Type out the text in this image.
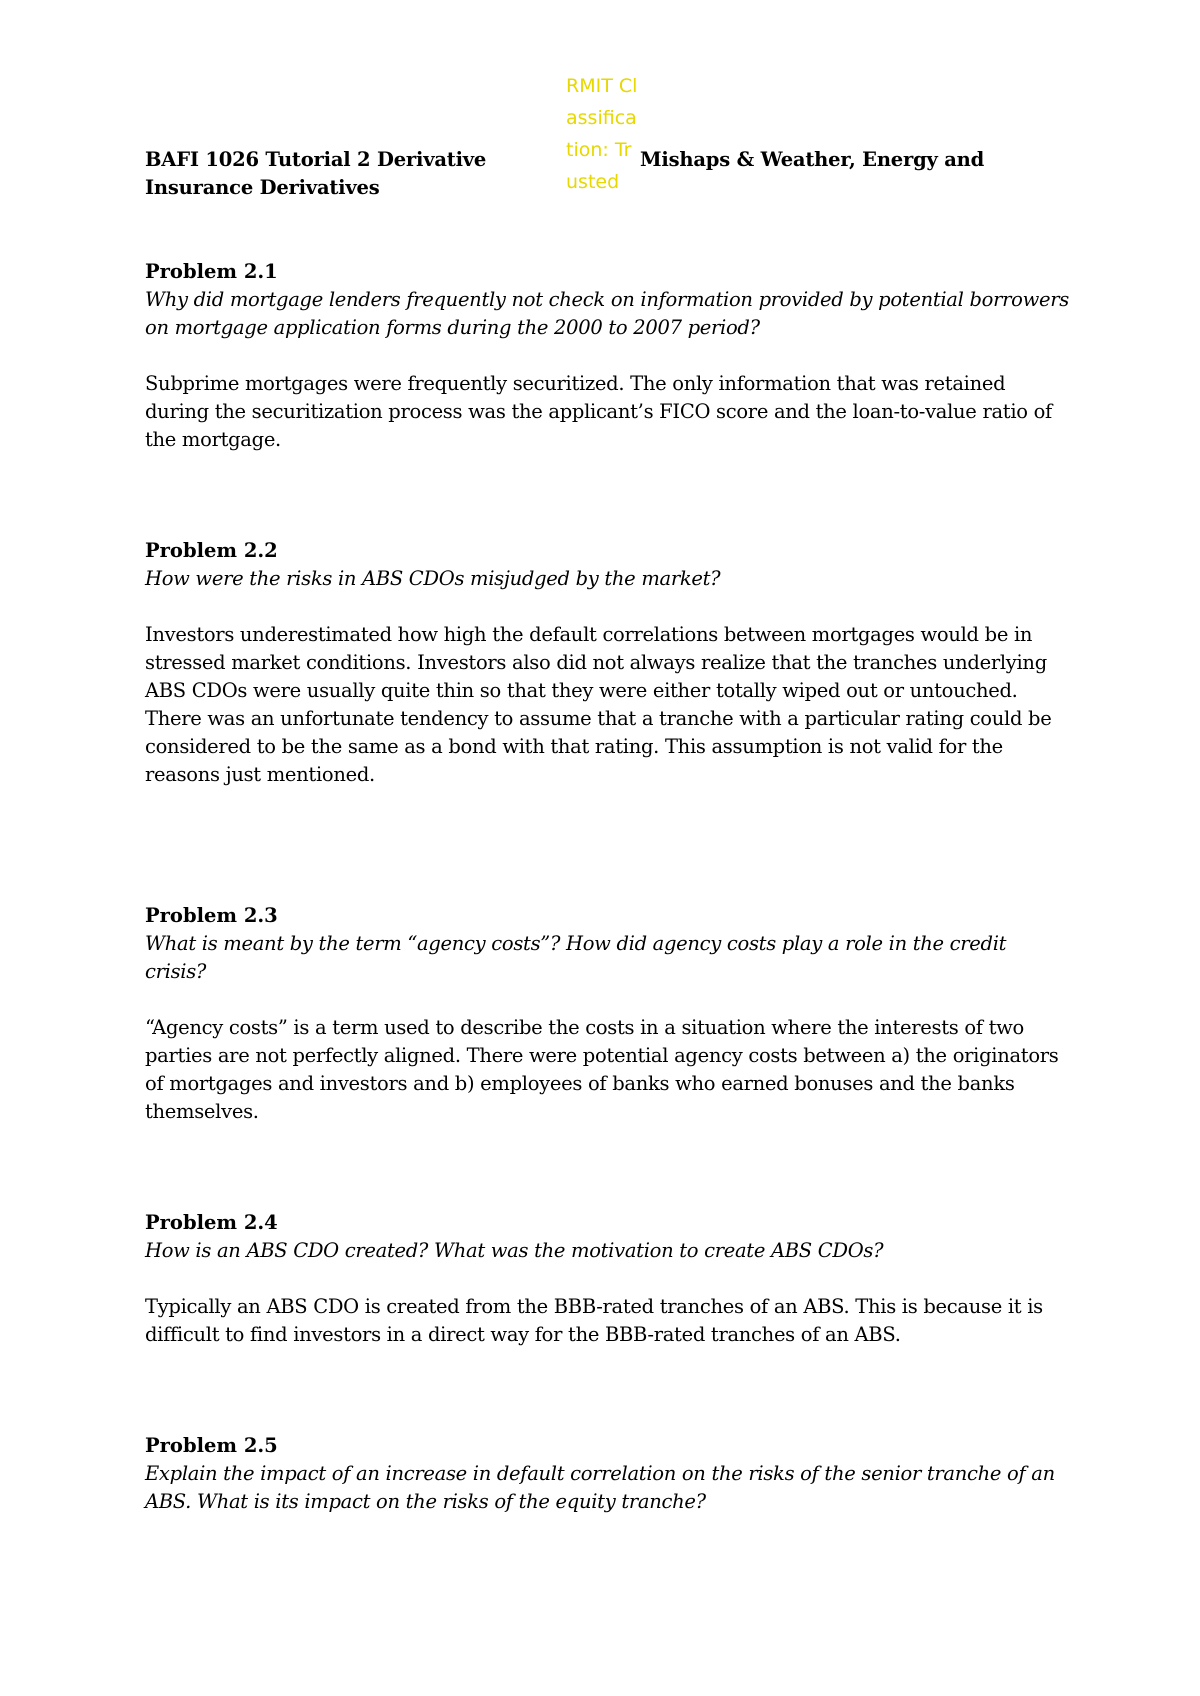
BAFI 1026 Tutorial 2 Derivative Insurance Derivatives
RMIT Classification: Trusted
Mishaps & Weather, Energy and

Problem 2.1

Why did mortgage lenders frequently not check on information provided by potential borrowers on mortgage application forms during the 2000 to 2007 period?

Subprime mortgages were frequently securitized. The only information that was retained during the securitization process was the applicant’s FICO score and the loan-to-value ratio of the mortgage.

Problem 2.2

How were the risks in ABS CDOs misjudged by the market?

Investors underestimated how high the default correlations between mortgages would be in stressed market conditions. Investors also did not always realize that the tranches underlying ABS CDOs were usually quite thin so that they were either totally wiped out or untouched. There was an unfortunate tendency to assume that a tranche with a particular rating could be considered to be the same as a bond with that rating. This assumption is not valid for the reasons just mentioned.

Problem 2.3

What is meant by the term “agency costs”? How did agency costs play a role in the credit crisis?

“Agency costs” is a term used to describe the costs in a situation where the interests of two parties are not perfectly aligned. There were potential agency costs between a) the originators of mortgages and investors and b) employees of banks who earned bonuses and the banks themselves.

Problem 2.4

How is an ABS CDO created? What was the motivation to create ABS CDOs?

Typically an ABS CDO is created from the BBB-rated tranches of an ABS. This is because it is difficult to find investors in a direct way for the BBB-rated tranches of an ABS.

Problem 2.5

Explain the impact of an increase in default correlation on the risks of the senior tranche of an ABS. What is its impact on the risks of the equity tranche?
